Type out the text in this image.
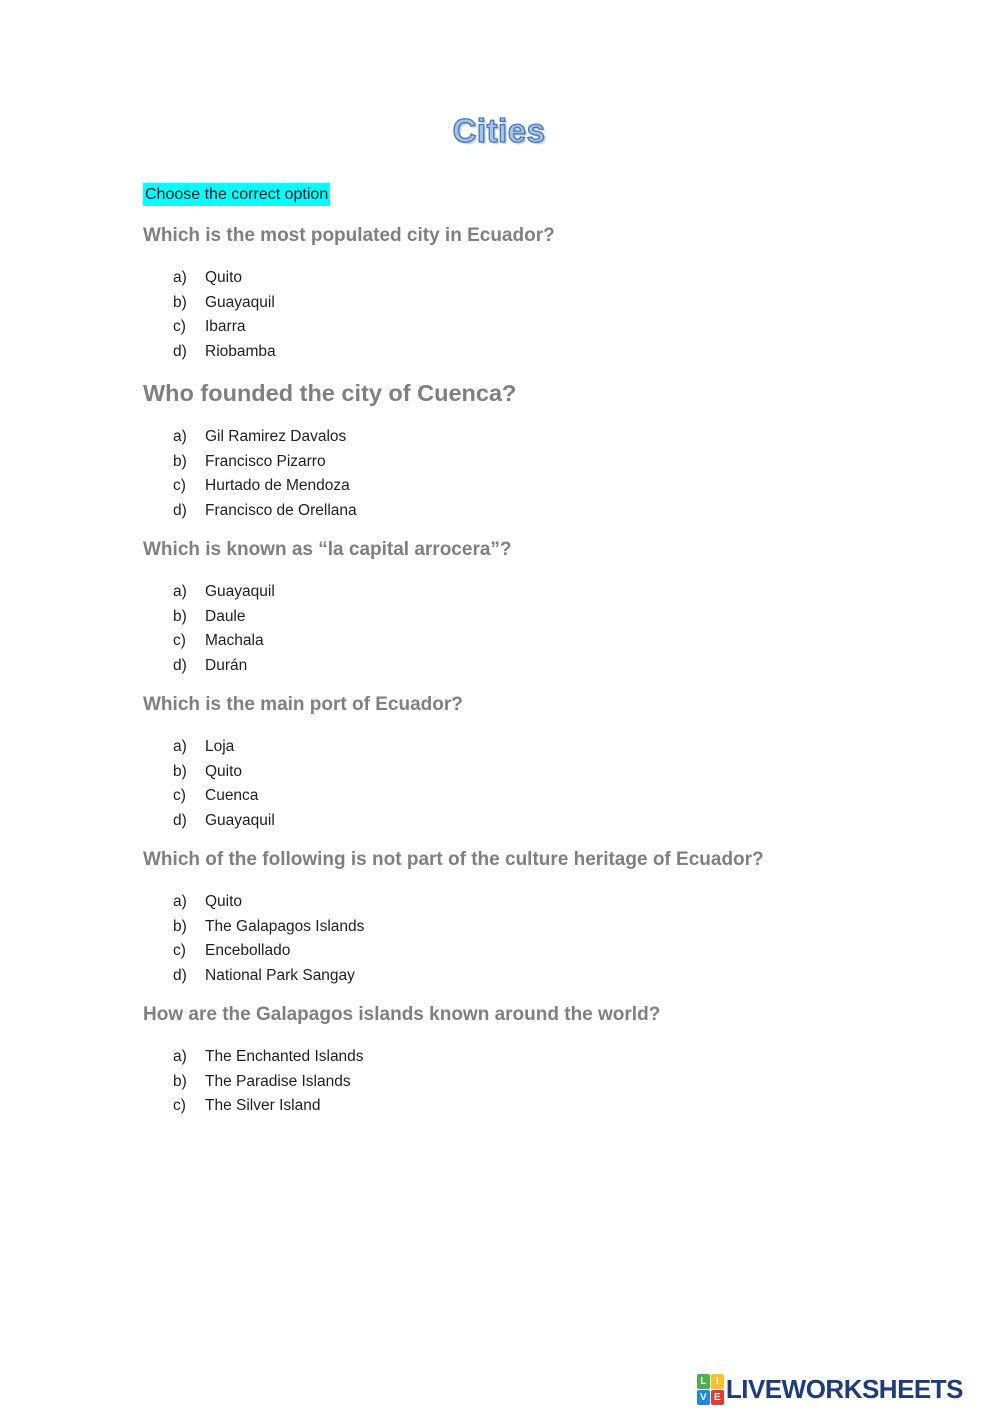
Cities
Choose the correct option
Which is the most populated city in Ecuador?
a)	Quito
b)	Guayaquil
c)	Ibarra
d)	Riobamba
Who founded the city of Cuenca?
a)	Gil Ramirez Davalos
b)	Francisco Pizarro
c)	Hurtado de Mendoza
d)	Francisco de Orellana
Which is known as “la capital arrocera”?
a)	Guayaquil
b)	Daule
c)	Machala
d)	Durán
Which is the main port of Ecuador?
a)	Loja
b)	Quito
c)	Cuenca
d)	Guayaquil
Which of the following is not part of the culture heritage of Ecuador?
a)	Quito
b)	The Galapagos Islands
c)	Encebollado
d)	National Park Sangay
How are the Galapagos islands known around the world?
a)	The Enchanted Islands
b)	The Paradise Islands
c)	The Silver Island
L I
V E LIVEWORKSHEETS
